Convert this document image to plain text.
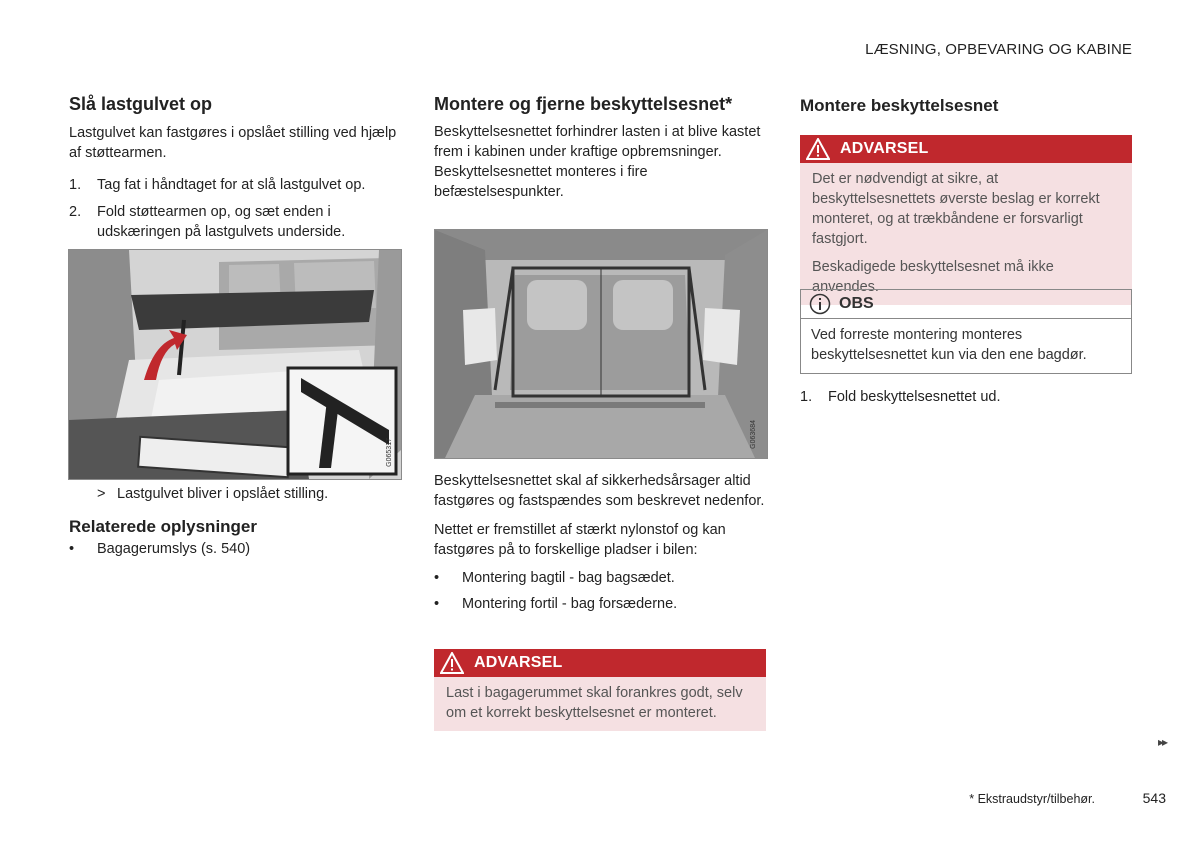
LÆSNING, OPBEVARING OG KABINE
Slå lastgulvet op

Lastgulvet kan fastgøres i opslået stilling ved hjælp af støttearmen.

1.	Tag fat i håndtaget for at slå lastgulvet op.
2.	Fold støttearmen op, og sæt enden i udskæringen på lastgulvets underside.
G065317
> Lastgulvet bliver i opslået stilling.
Relaterede oplysninger
•	Bagagerumslys (s. 540)
Montere og fjerne beskyttelsesnet*

Beskyttelsesnettet forhindrer lasten i at blive kastet frem i kabinen under kraftige opbremsninger.

Beskyttelsesnettet monteres i fire befæstelsespunkter.

G063684

Beskyttelsesnettet skal af sikkerhedsårsager altid fastgøres og fastspændes som beskrevet nedenfor.

Nettet er fremstillet af stærkt nylonstof og kan fastgøres på to forskellige pladser i bilen:

•	Montering bagtil - bag bagsædet.
•	Montering fortil - bag forsæderne.
ADVARSEL

Last i bagagerummet skal forankres godt, selv om et korrekt beskyttelsesnet er monteret.

Montere beskyttelsesnet
ADVARSEL

Det er nødvendigt at sikre, at beskyttelsesnettets øverste beslag er korrekt monteret, og at trækbåndene er forsvarligt fastgjort.

Beskadigede beskyttelsesnet må ikke anvendes.

OBS
Ved forreste montering monteres beskyttelsesnettet kun via den ene bagdør.
1.	Fold beskyttelsesnettet ud.
▸▸
* Ekstraudstyr/tilbehør.	543
